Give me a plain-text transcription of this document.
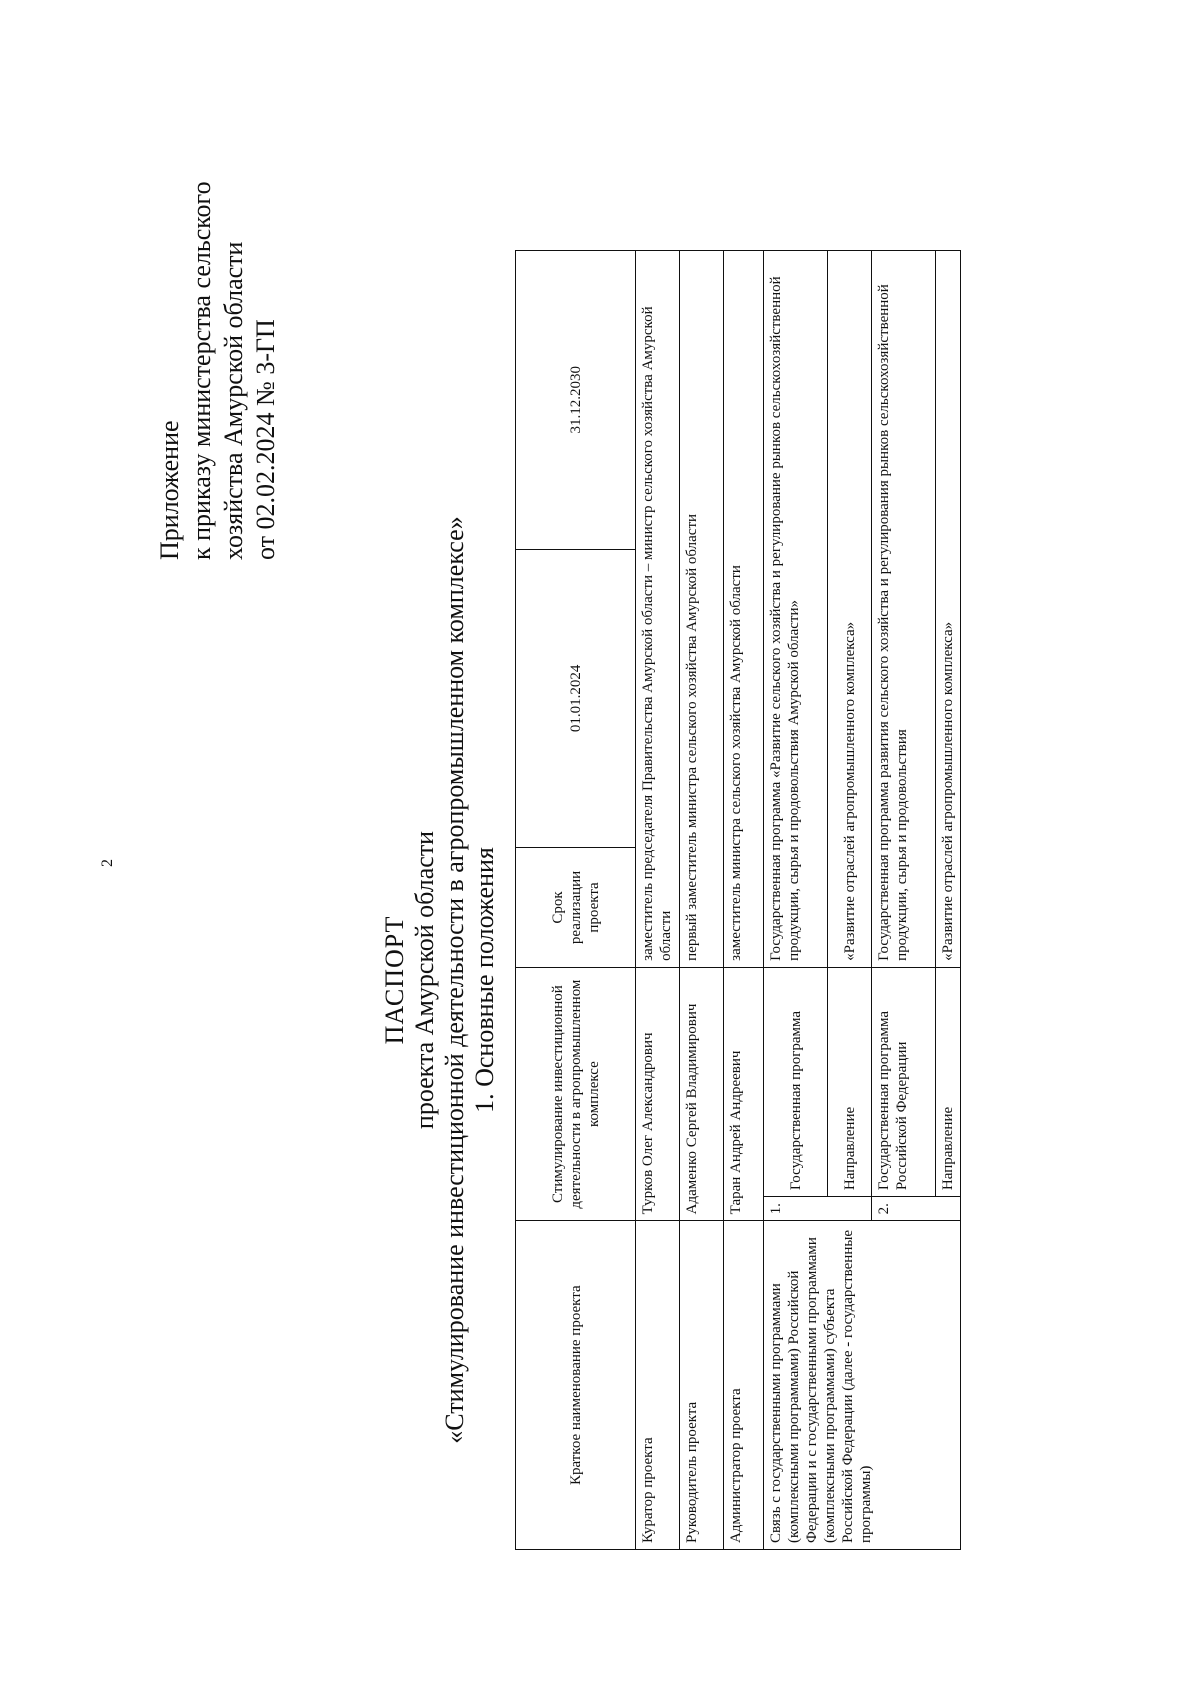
2
Приложение к приказу министерства сельского хозяйства Амурской области от 02.02.2024 № 3-ГП
ПАСПОРТ проекта Амурской области «Стимулирование инвестиционной деятельности в агропромышленном комплексе» 1. Основные положения
Краткое наименование проекта	Стимулирование инвестиционной деятельности в агропромышленном комплексе		Срок реализации проекта	01.01.2024	31.12.2030
Куратор проекта	Турков Олег Александрович		заместитель председателя Правительства Амурской области – министр сельского хозяйства Амурской области		
Руководитель проекта	Адаменко Сергей Владимирович		первый заместитель министра сельского хозяйства Амурской области		
Администратор проекта	Таран Андрей Андреевич		заместитель министра сельского хозяйства Амурской области		
Связь с государственными программами (комплексными программами) Российской Федерации и с государственными программами (комплексными программами) субъекта Российской Федерации (далее - государственные программы)	1.	Государственная программа	Государственная программа «Развитие сельского хозяйства и регулирование рынков сельскохозяйственной продукции, сырья и продовольствия Амурской области»		
		Направление	«Развитие отраслей агропромышленного комплекса»		
	2.	Государственная программа Российской Федерации	Государственная программа развития сельского хозяйства и регулирования рынков сельскохозяйственной продукции, сырья и продовольствия		
		Направление	«Развитие отраслей агропромышленного комплекса»		
